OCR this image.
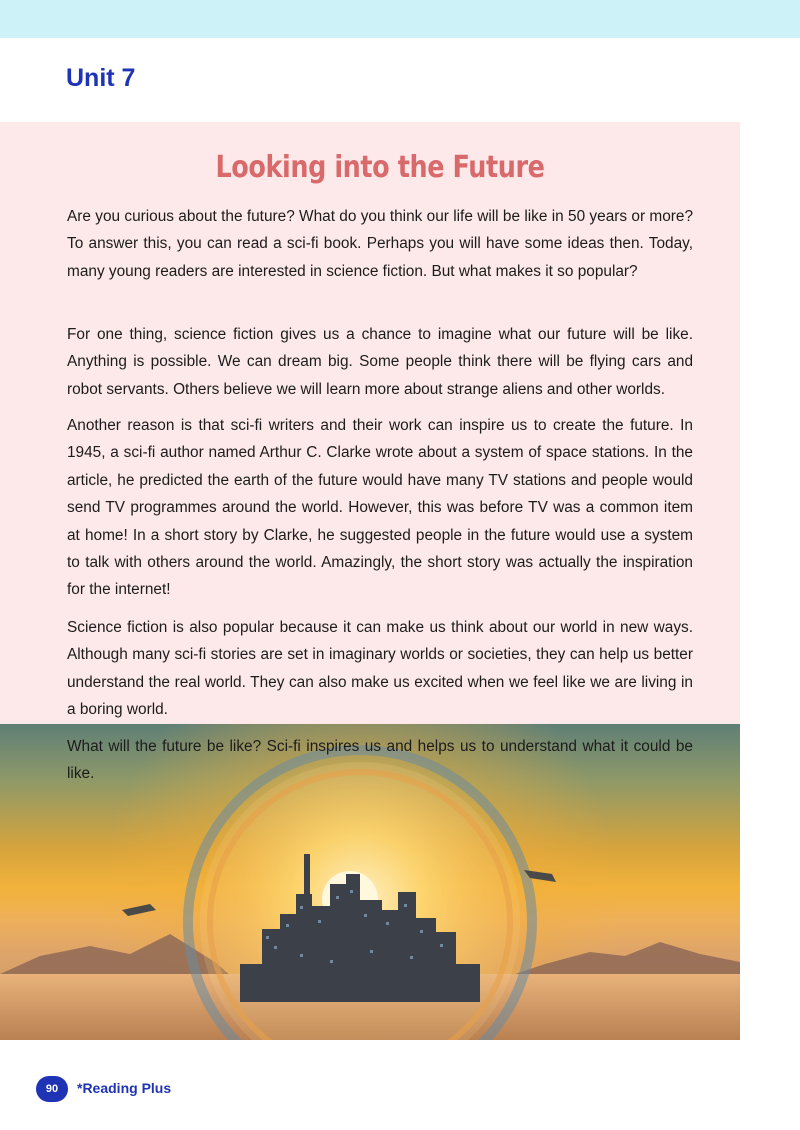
Unit 7
Looking into the Future

Are you curious about the future? What do you think our life will be like in 50 years or more? To answer this, you can read a sci-fi book. Perhaps you will have some ideas then. Today, many young readers are interested in science fiction. But what makes it so popular?

For one thing, science fiction gives us a chance to imagine what our future will be like. Anything is possible. We can dream big. Some people think there will be flying cars and robot servants. Others believe we will learn more about strange aliens and other worlds.

Another reason is that sci-fi writers and their work can inspire us to create the future. In 1945, a sci-fi author named Arthur C. Clarke wrote about a system of space stations. In the article, he predicted the earth of the future would have many TV stations and people would send TV programmes around the world. However, this was before TV was a common item at home! In a short story by Clarke, he suggested people in the future would use a system to talk with others around the world. Amazingly, the short story was actually the inspiration for the internet!

Science fiction is also popular because it can make us think about our world in new ways. Although many sci-fi stories are set in imaginary worlds or societies, they can help us better understand the real world. They can also make us excited when we feel like we are living in a boring world.

What will the future be like? Sci-fi inspires us and helps us to understand what it could be like.

90	*Reading Plus
